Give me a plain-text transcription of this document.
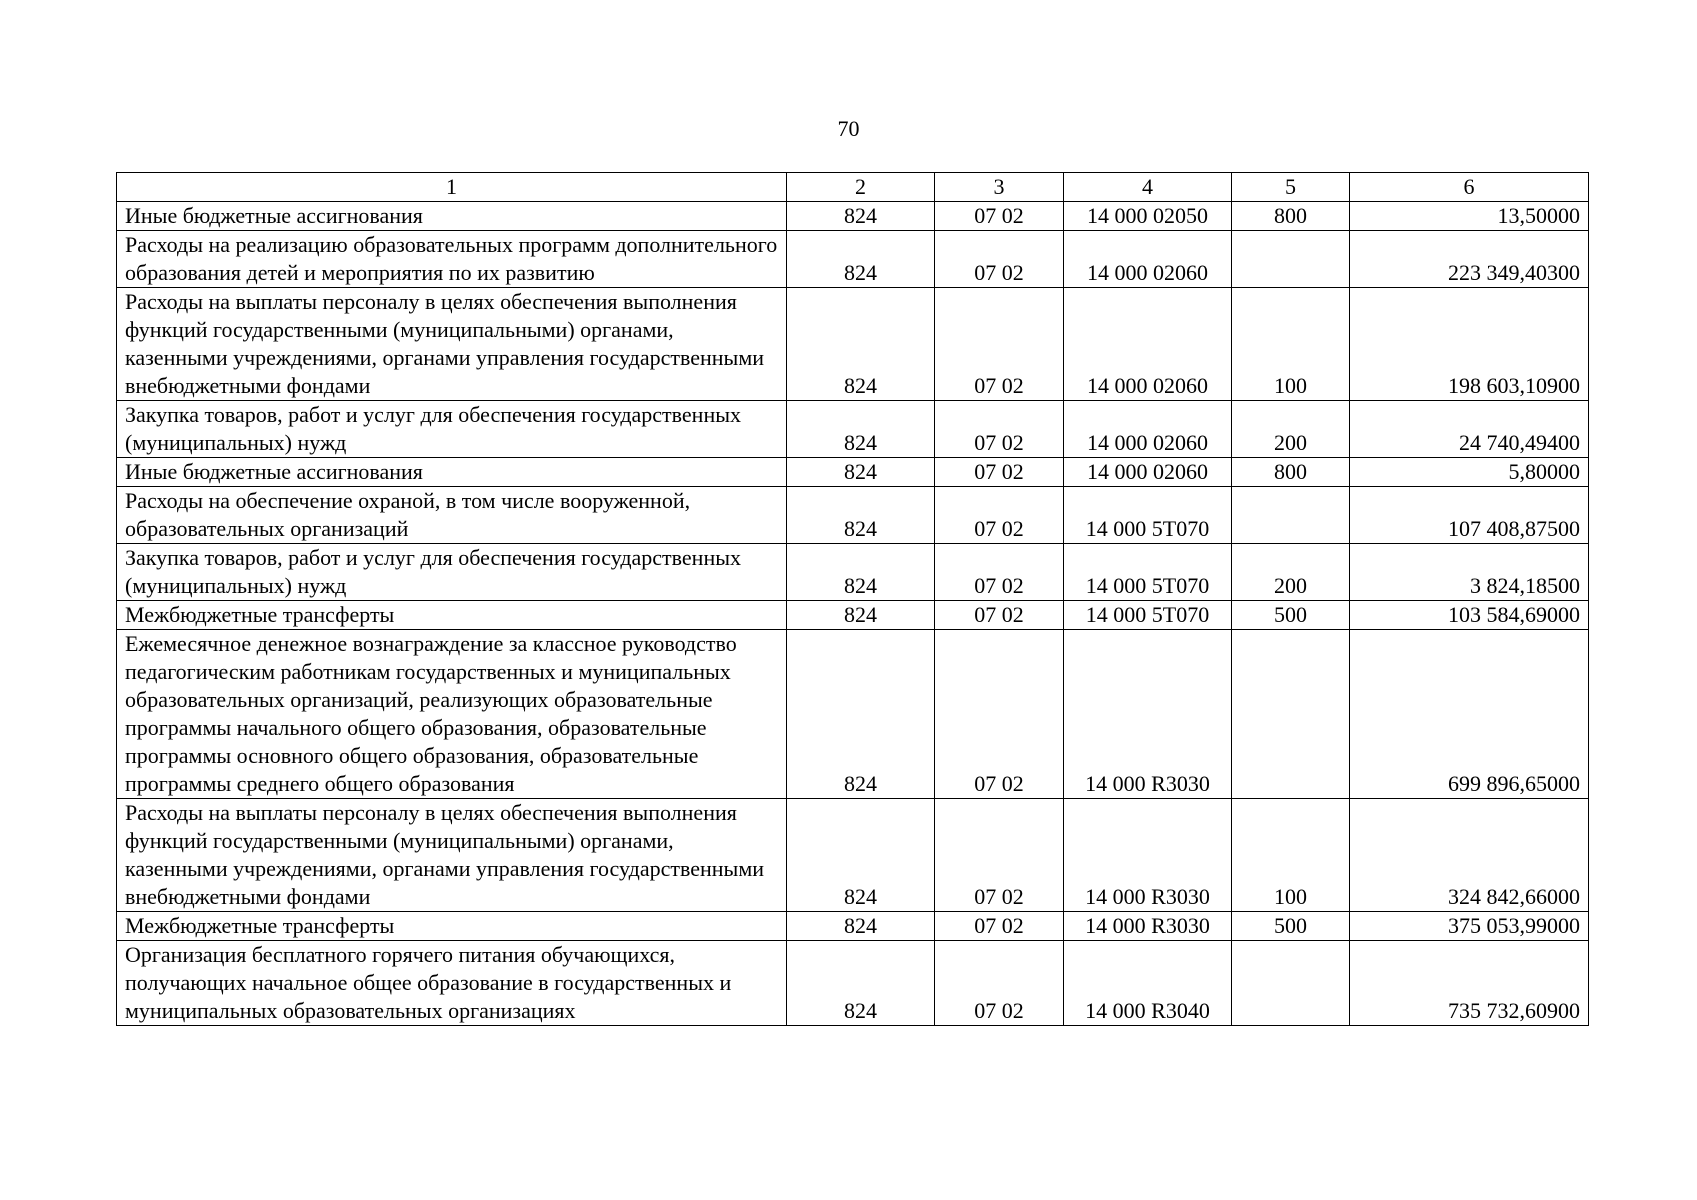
70
1	2	3	4	5	6
Иные бюджетные ассигнования	824	07 02	14 000 02050	800	13,50000
Расходы на реализацию образовательных программ дополнительного образования детей и мероприятия по их развитию	824	07 02	14 000 02060		223 349,40300
Расходы на выплаты персоналу в целях обеспечения выполнения функций государственными (муниципальными) органами, казенными учреждениями, органами управления государственными внебюджетными фондами	824	07 02	14 000 02060	100	198 603,10900
Закупка товаров, работ и услуг для обеспечения государственных (муниципальных) нужд	824	07 02	14 000 02060	200	24 740,49400
Иные бюджетные ассигнования	824	07 02	14 000 02060	800	5,80000
Расходы на обеспечение охраной, в том числе вооруженной, образовательных организаций	824	07 02	14 000 5Т070		107 408,87500
Закупка товаров, работ и услуг для обеспечения государственных (муниципальных) нужд	824	07 02	14 000 5Т070	200	3 824,18500
Межбюджетные трансферты	824	07 02	14 000 5Т070	500	103 584,69000
Ежемесячное денежное вознаграждение за классное руководство педагогическим работникам государственных и муниципальных образовательных организаций, реализующих образовательные программы начального общего образования, образовательные программы основного общего образования, образовательные программы среднего общего образования	824	07 02	14 000 R3030		699 896,65000
Расходы на выплаты персоналу в целях обеспечения выполнения функций государственными (муниципальными) органами, казенными учреждениями, органами управления государственными внебюджетными фондами	824	07 02	14 000 R3030	100	324 842,66000
Межбюджетные трансферты	824	07 02	14 000 R3030	500	375 053,99000
Организация бесплатного горячего питания обучающихся, получающих начальное общее образование в государственных и муниципальных образовательных организациях	824	07 02	14 000 R3040		735 732,60900
